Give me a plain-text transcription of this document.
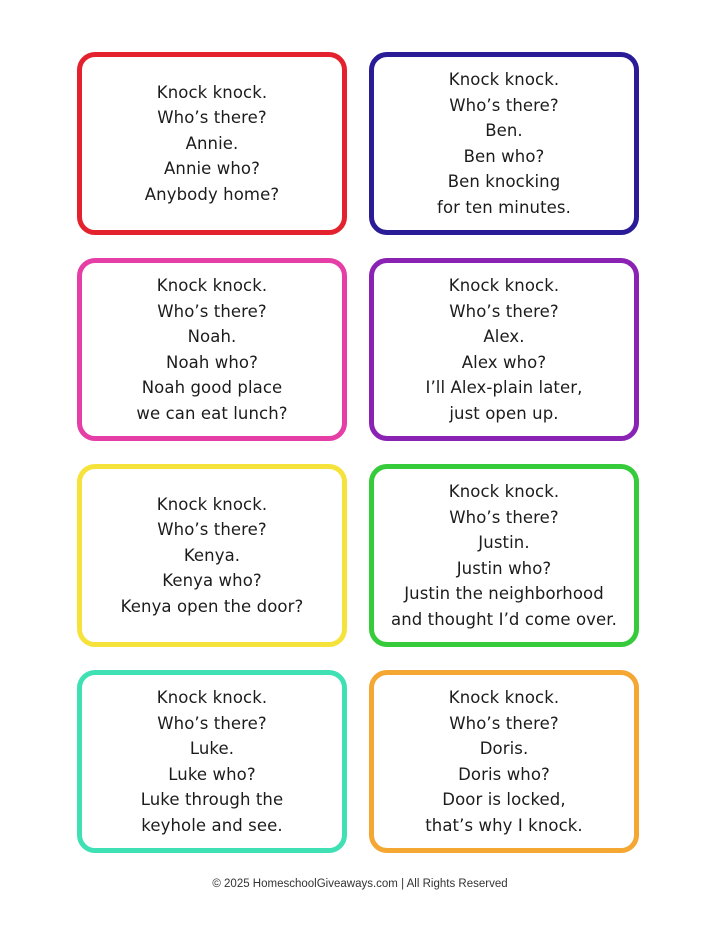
Knock knock.
Who’s there?
Annie.
Annie who?
Anybody home?
Knock knock.
Who’s there?
Ben.
Ben who?
Ben knocking
for ten minutes.
Knock knock.
Who’s there?
Noah.
Noah who?
Noah good place
we can eat lunch?
Knock knock.
Who’s there?
Alex.
Alex who?
I’ll Alex-plain later,
just open up.
Knock knock.
Who’s there?
Kenya.
Kenya who?
Kenya open the door?
Knock knock.
Who’s there?
Justin.
Justin who?
Justin the neighborhood
and thought I’d come over.
Knock knock.
Who’s there?
Luke.
Luke who?
Luke through the
keyhole and see.
Knock knock.
Who’s there?
Doris.
Doris who?
Door is locked,
that’s why I knock.
© 2025 HomeschoolGiveaways.com | All Rights Reserved
